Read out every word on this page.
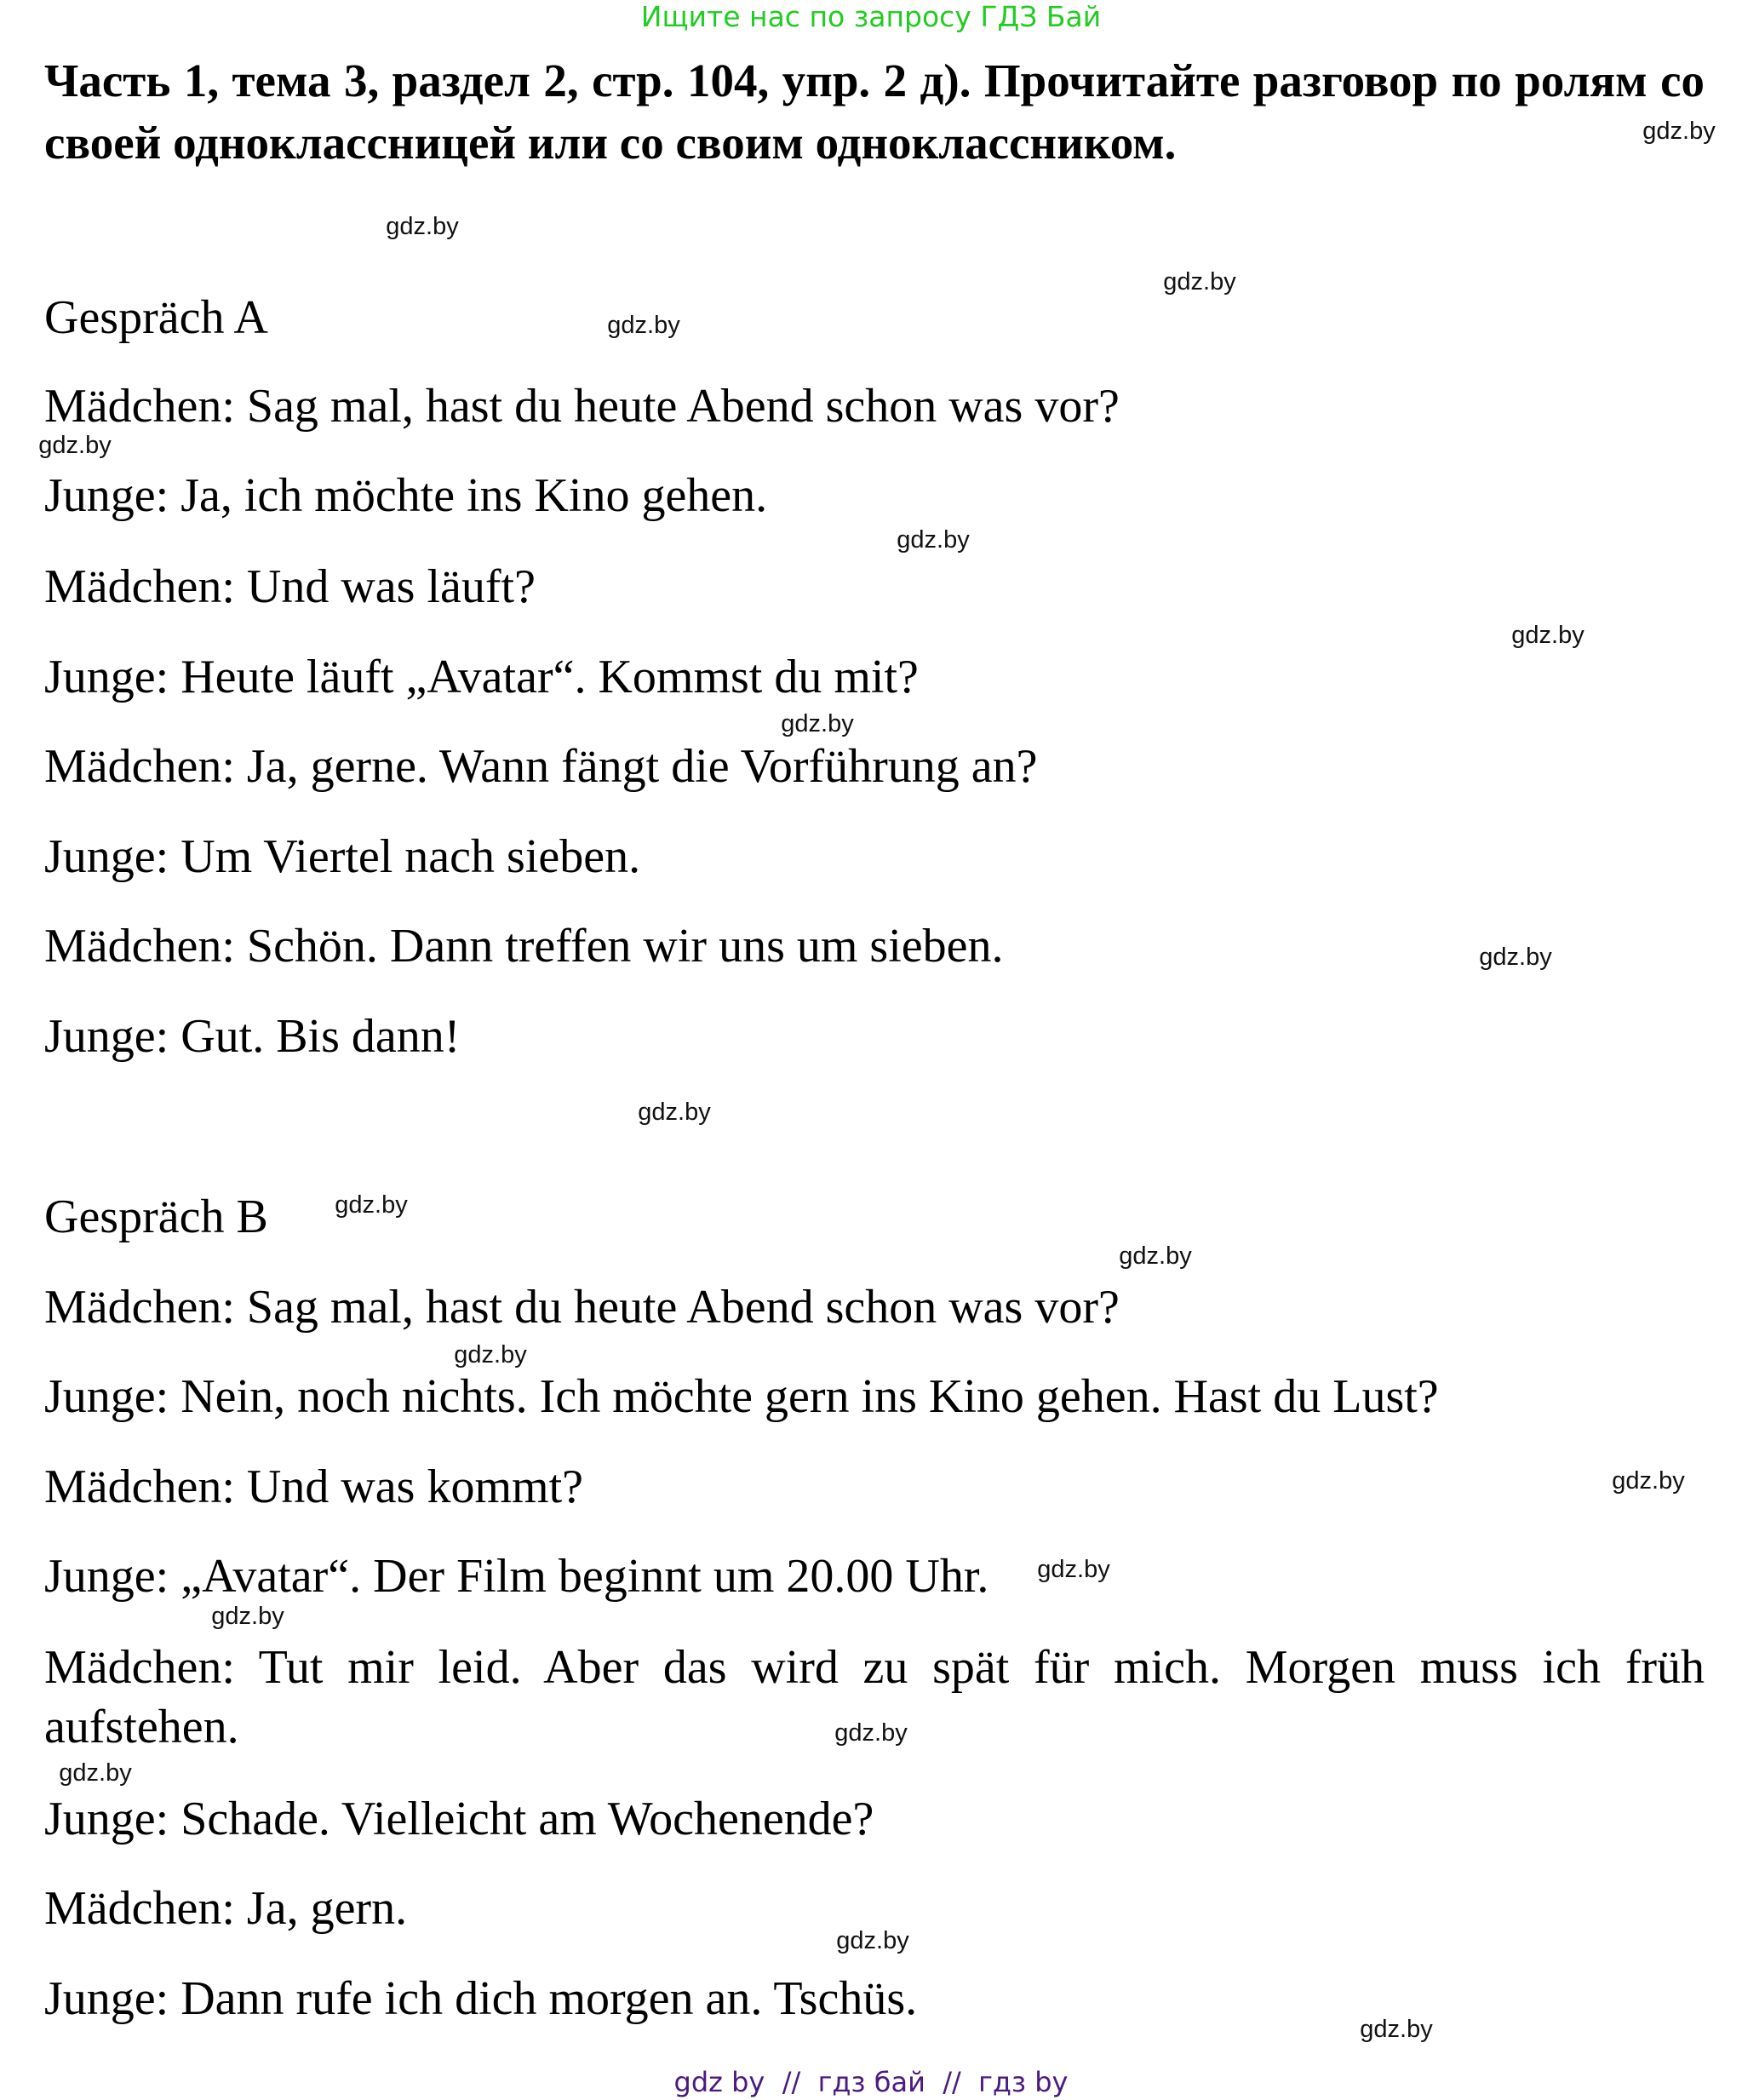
Ищите нас по запросу ГДЗ Бай
Часть 1, тема 3, раздел 2, стр. 104, упр. 2 д). Прочитайте разговор по ролям со своей одноклассницей или со своим одноклассником.
Gespräch A
Mädchen: Sag mal, hast du heute Abend schon was vor?
Junge: Ja, ich möchte ins Kino gehen.
Mädchen: Und was läuft?
Junge: Heute läuft „Avatar“. Kommst du mit?
Mädchen: Ja, gerne. Wann fängt die Vorführung an?
Junge: Um Viertel nach sieben.
Mädchen: Schön. Dann treffen wir uns um sieben.
Junge: Gut. Bis dann!
Gespräch B
Mädchen: Sag mal, hast du heute Abend schon was vor?
Junge: Nein, noch nichts. Ich möchte gern ins Kino gehen. Hast du Lust?
Mädchen: Und was kommt?
Junge: „Avatar“. Der Film beginnt um 20.00 Uhr.
Mädchen: Tut mir leid. Aber das wird zu spät für mich. Morgen muss ich früh aufstehen.
Junge: Schade. Vielleicht am Wochenende?
Mädchen: Ja, gern.
Junge: Dann rufe ich dich morgen an. Tschüs.
gdz.by
gdz.by
gdz.by
gdz.by
gdz.by
gdz.by
gdz.by
gdz.by
gdz.by
gdz.by
gdz.by
gdz.by
gdz.by
gdz.by
gdz.by
gdz.by
gdz.by
gdz.by
gdz.by
gdz.by
gdz by  //  гдз бай  //  гдз by
